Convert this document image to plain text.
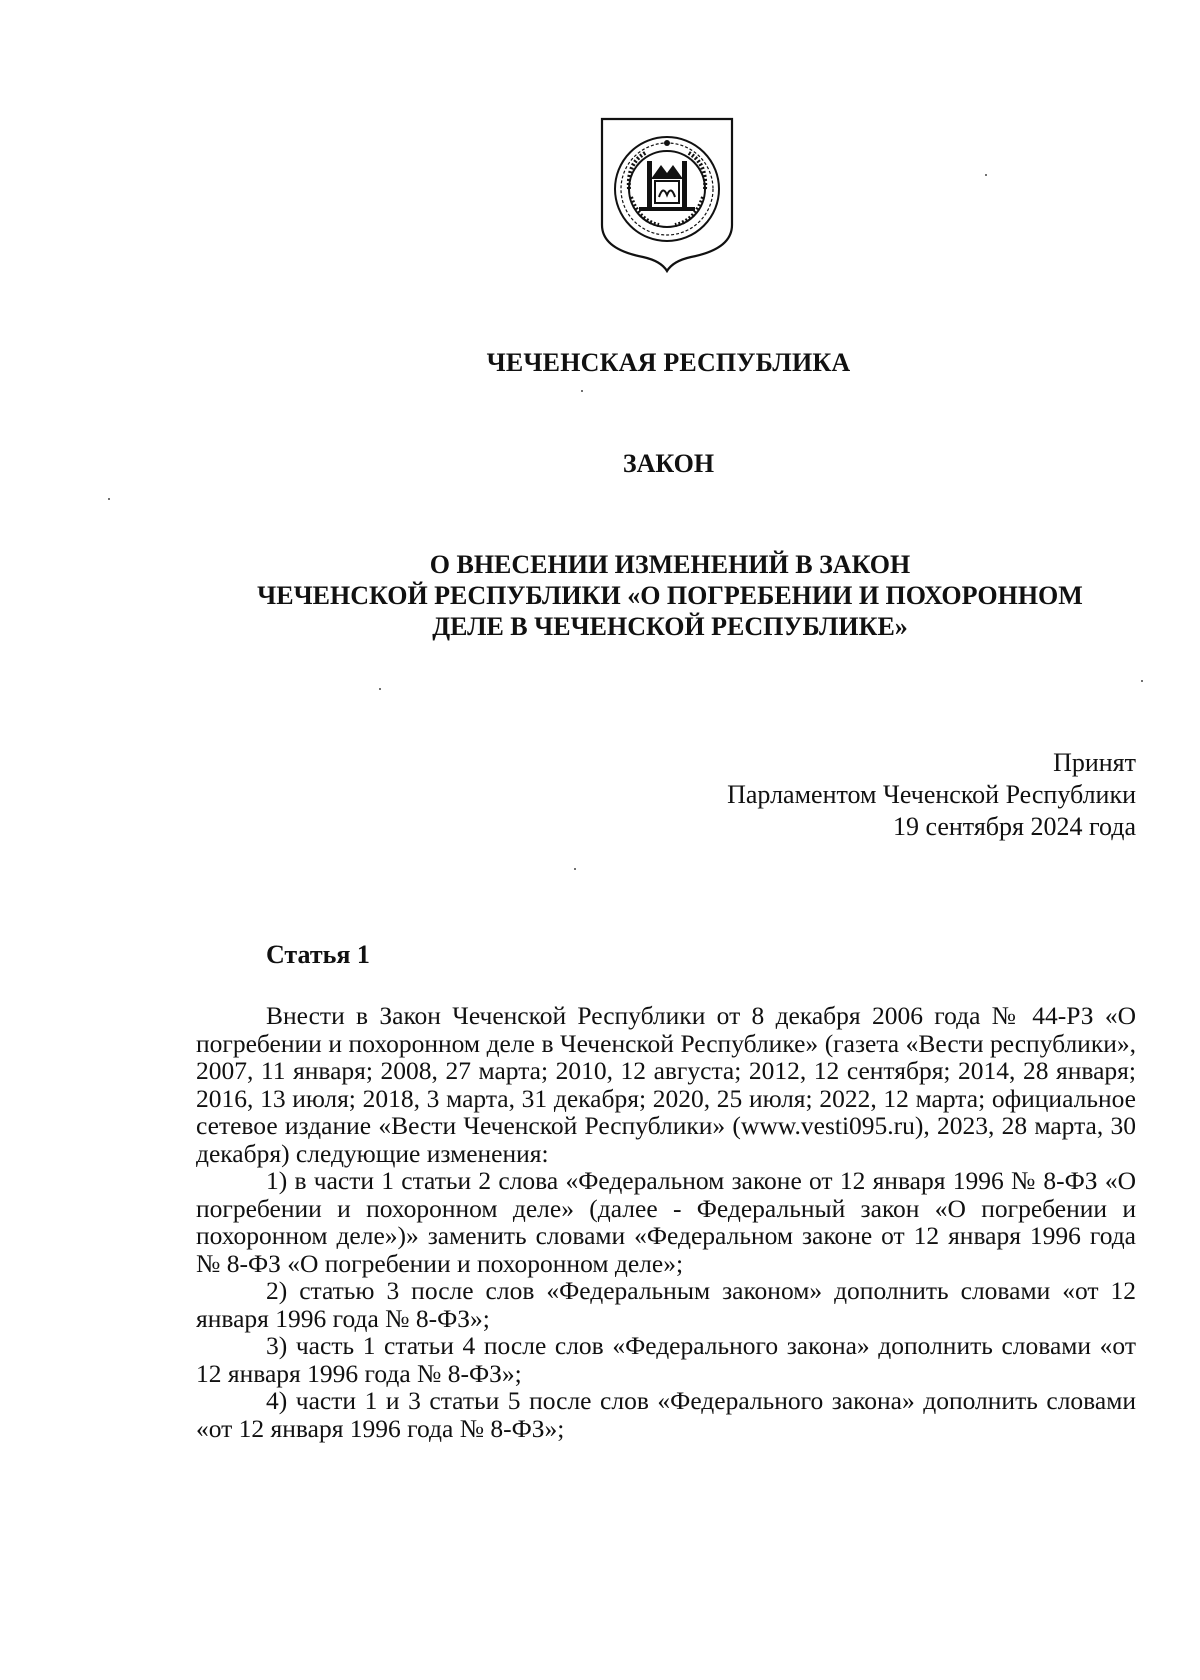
ЧЕЧЕНСКАЯ РЕСПУБЛИКА
ЗАКОН
О ВНЕСЕНИИ ИЗМЕНЕНИЙ В ЗАКОН
ЧЕЧЕНСКОЙ РЕСПУБЛИКИ «О ПОГРЕБЕНИИ И ПОХОРОННОМ
ДЕЛЕ В ЧЕЧЕНСКОЙ РЕСПУБЛИКЕ»
Принят
Парламентом Чеченской Республики
19 сентября 2024 года
Статья 1

Внести в Закон Чеченской Республики от 8 декабря 2006 года № 44-РЗ «О погребении и похоронном деле в Чеченской Республике» (газета «Вести республики», 2007, 11 января; 2008, 27 марта; 2010, 12 августа; 2012, 12 сентября; 2014, 28 января; 2016, 13 июля; 2018, 3 марта, 31 декабря; 2020, 25 июля; 2022, 12 марта; официальное сетевое издание «Вести Чеченской Республики» (www.vesti095.ru), 2023, 28 марта, 30 декабря) следующие изменения:

1) в части 1 статьи 2 слова «Федеральном законе от 12 января 1996 № 8-ФЗ «О погребении и похоронном деле» (далее - Федеральный закон «О погребении и похоронном деле»)» заменить словами «Федеральном законе от 12 января 1996 года № 8-ФЗ «О погребении и похоронном деле»;

2) статью 3 после слов «Федеральным законом» дополнить словами «от 12 января 1996 года № 8-ФЗ»;

3) часть 1 статьи 4 после слов «Федерального закона» дополнить словами «от 12 января 1996 года № 8-ФЗ»;

4) части 1 и 3 статьи 5 после слов «Федерального закона» дополнить словами «от 12 января 1996 года № 8-ФЗ»;
